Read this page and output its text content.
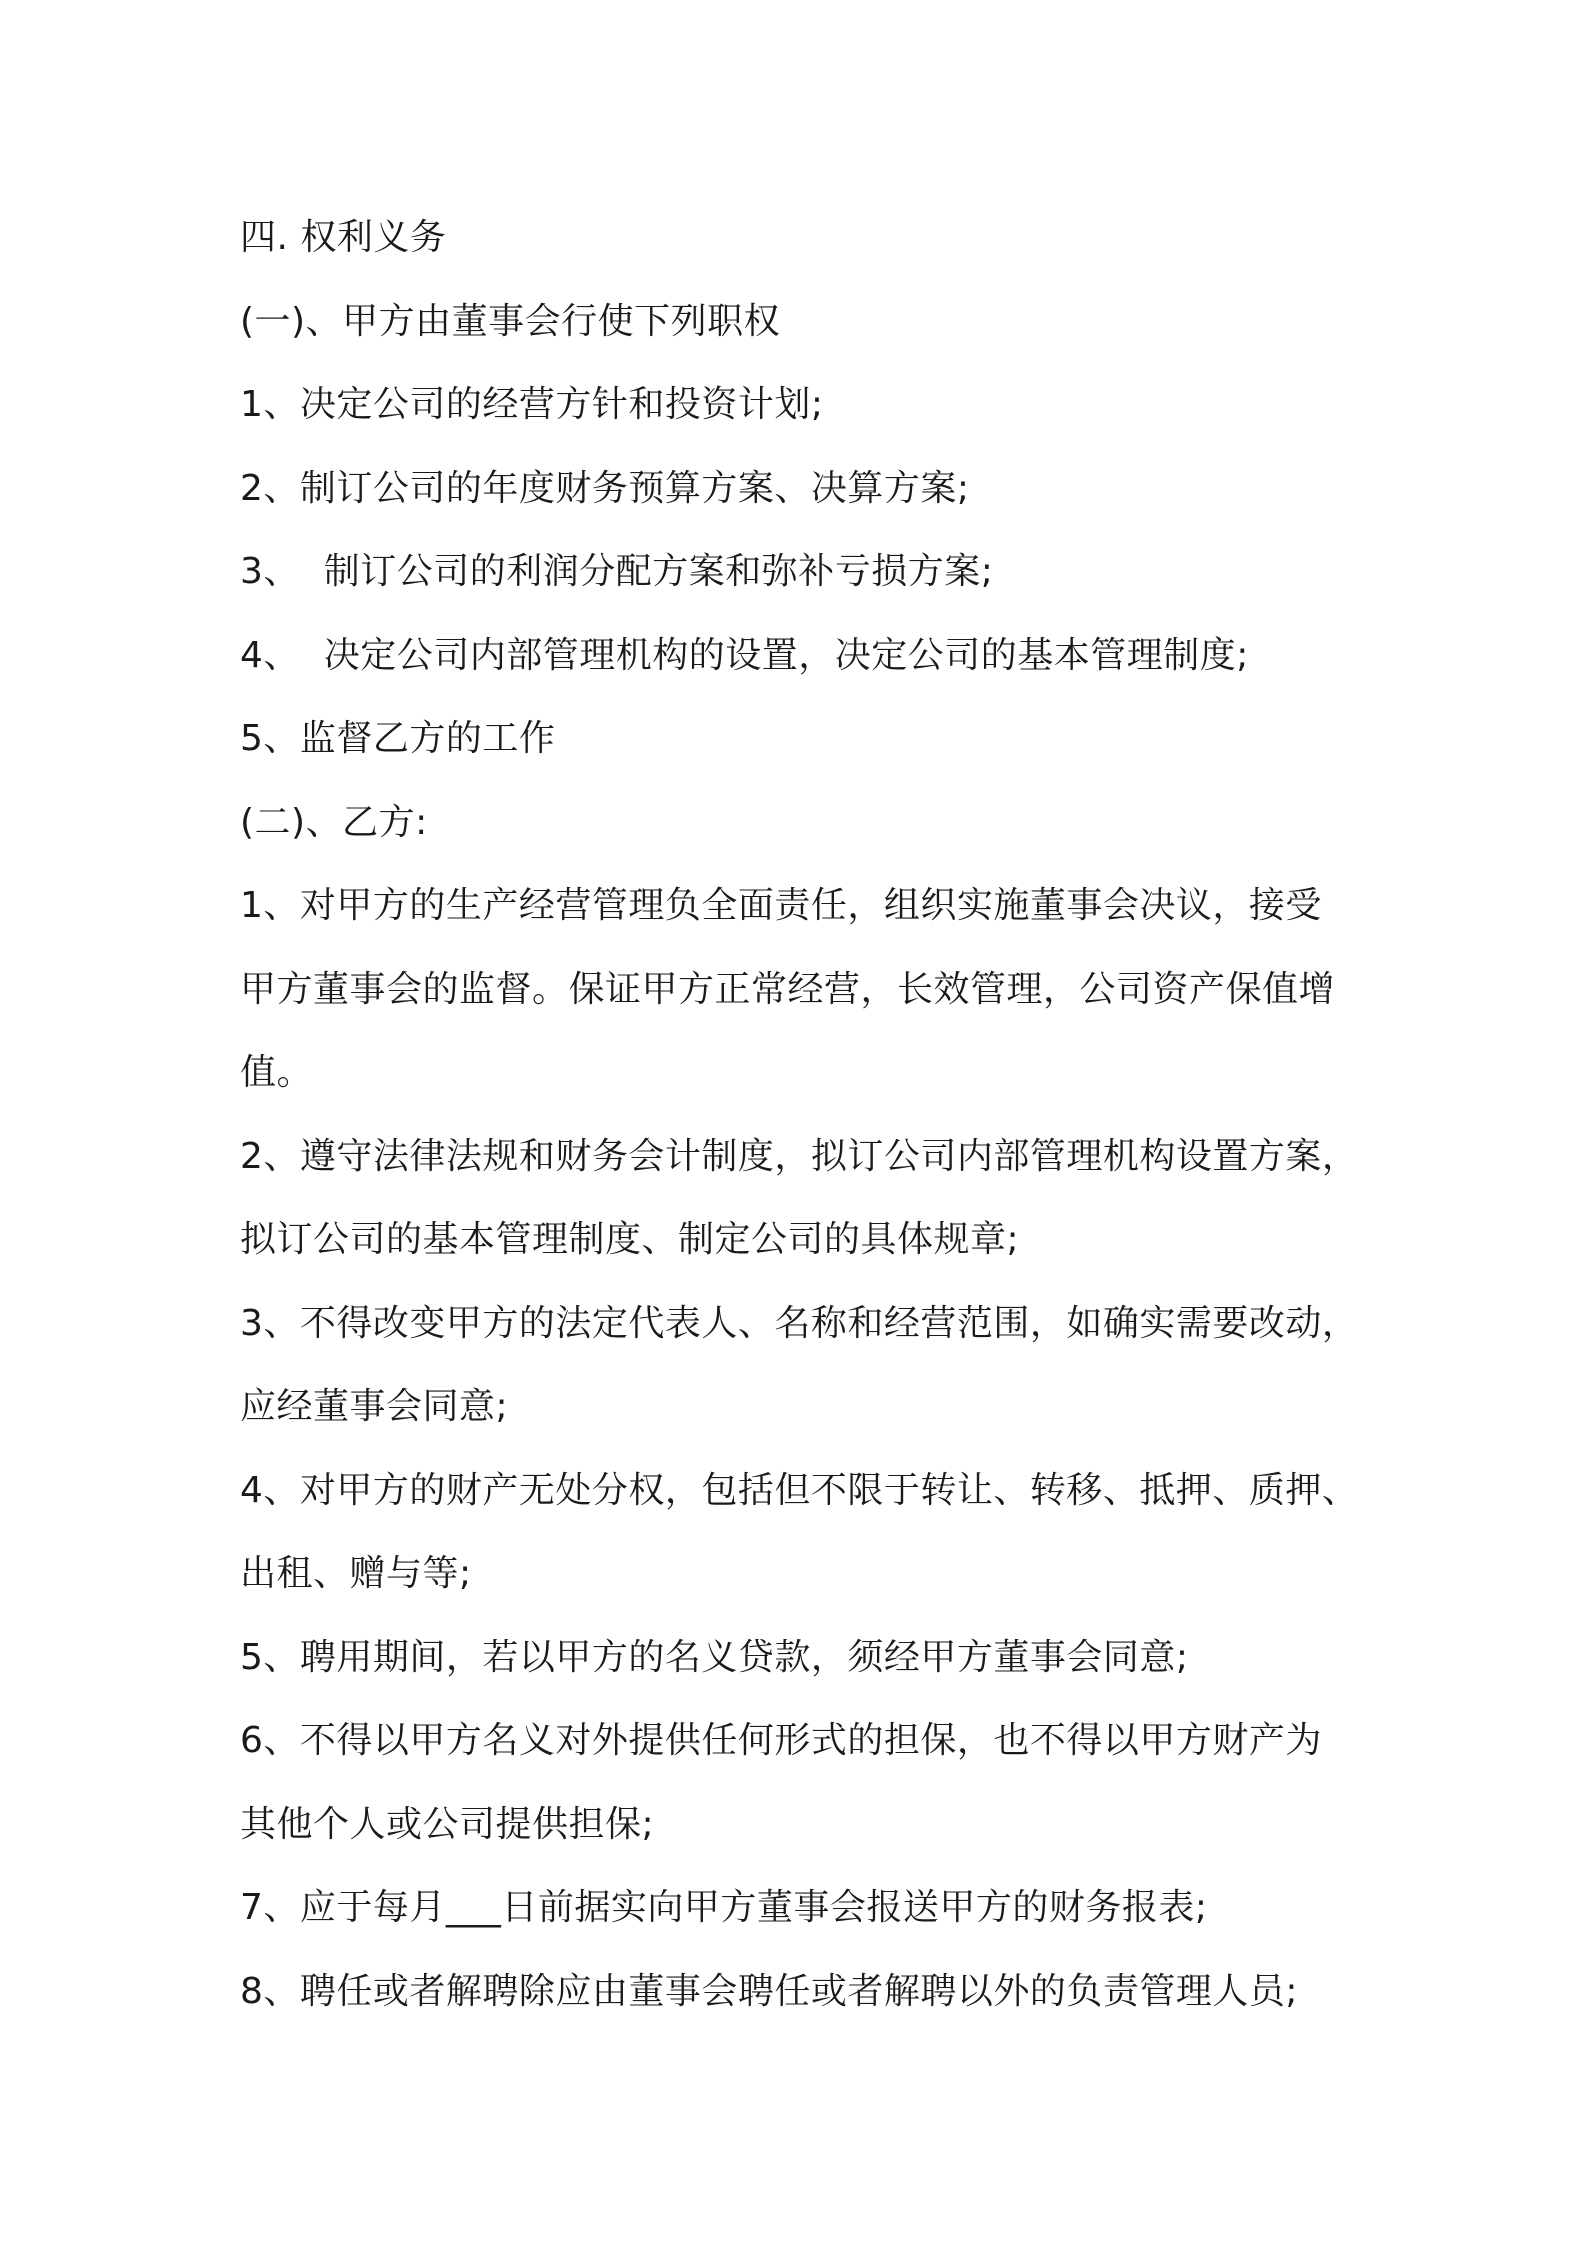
四. 权利义务
(一)、甲方由董事会行使下列职权
1、决定公司的经营方针和投资计划;
2、制订公司的年度财务预算方案、决算方案;
3、  制订公司的利润分配方案和弥补亏损方案;
4、  决定公司内部管理机构的设置，决定公司的基本管理制度;
5、监督乙方的工作
(二)、乙方:
1、对甲方的生产经营管理负全面责任，组织实施董事会决议，接受
甲方董事会的监督。保证甲方正常经营，长效管理，公司资产保值增
值。
2、遵守法律法规和财务会计制度，拟订公司内部管理机构设置方案，
拟订公司的基本管理制度、制定公司的具体规章;
3、不得改变甲方的法定代表人、名称和经营范围，如确实需要改动，
应经董事会同意;
4、对甲方的财产无处分权，包括但不限于转让、转移、抵押、质押、
出租、赠与等;
5、聘用期间，若以甲方的名义贷款，须经甲方董事会同意;
6、不得以甲方名义对外提供任何形式的担保，也不得以甲方财产为
其他个人或公司提供担保;
7、应于每月___日前据实向甲方董事会报送甲方的财务报表;
8、聘任或者解聘除应由董事会聘任或者解聘以外的负责管理人员;
